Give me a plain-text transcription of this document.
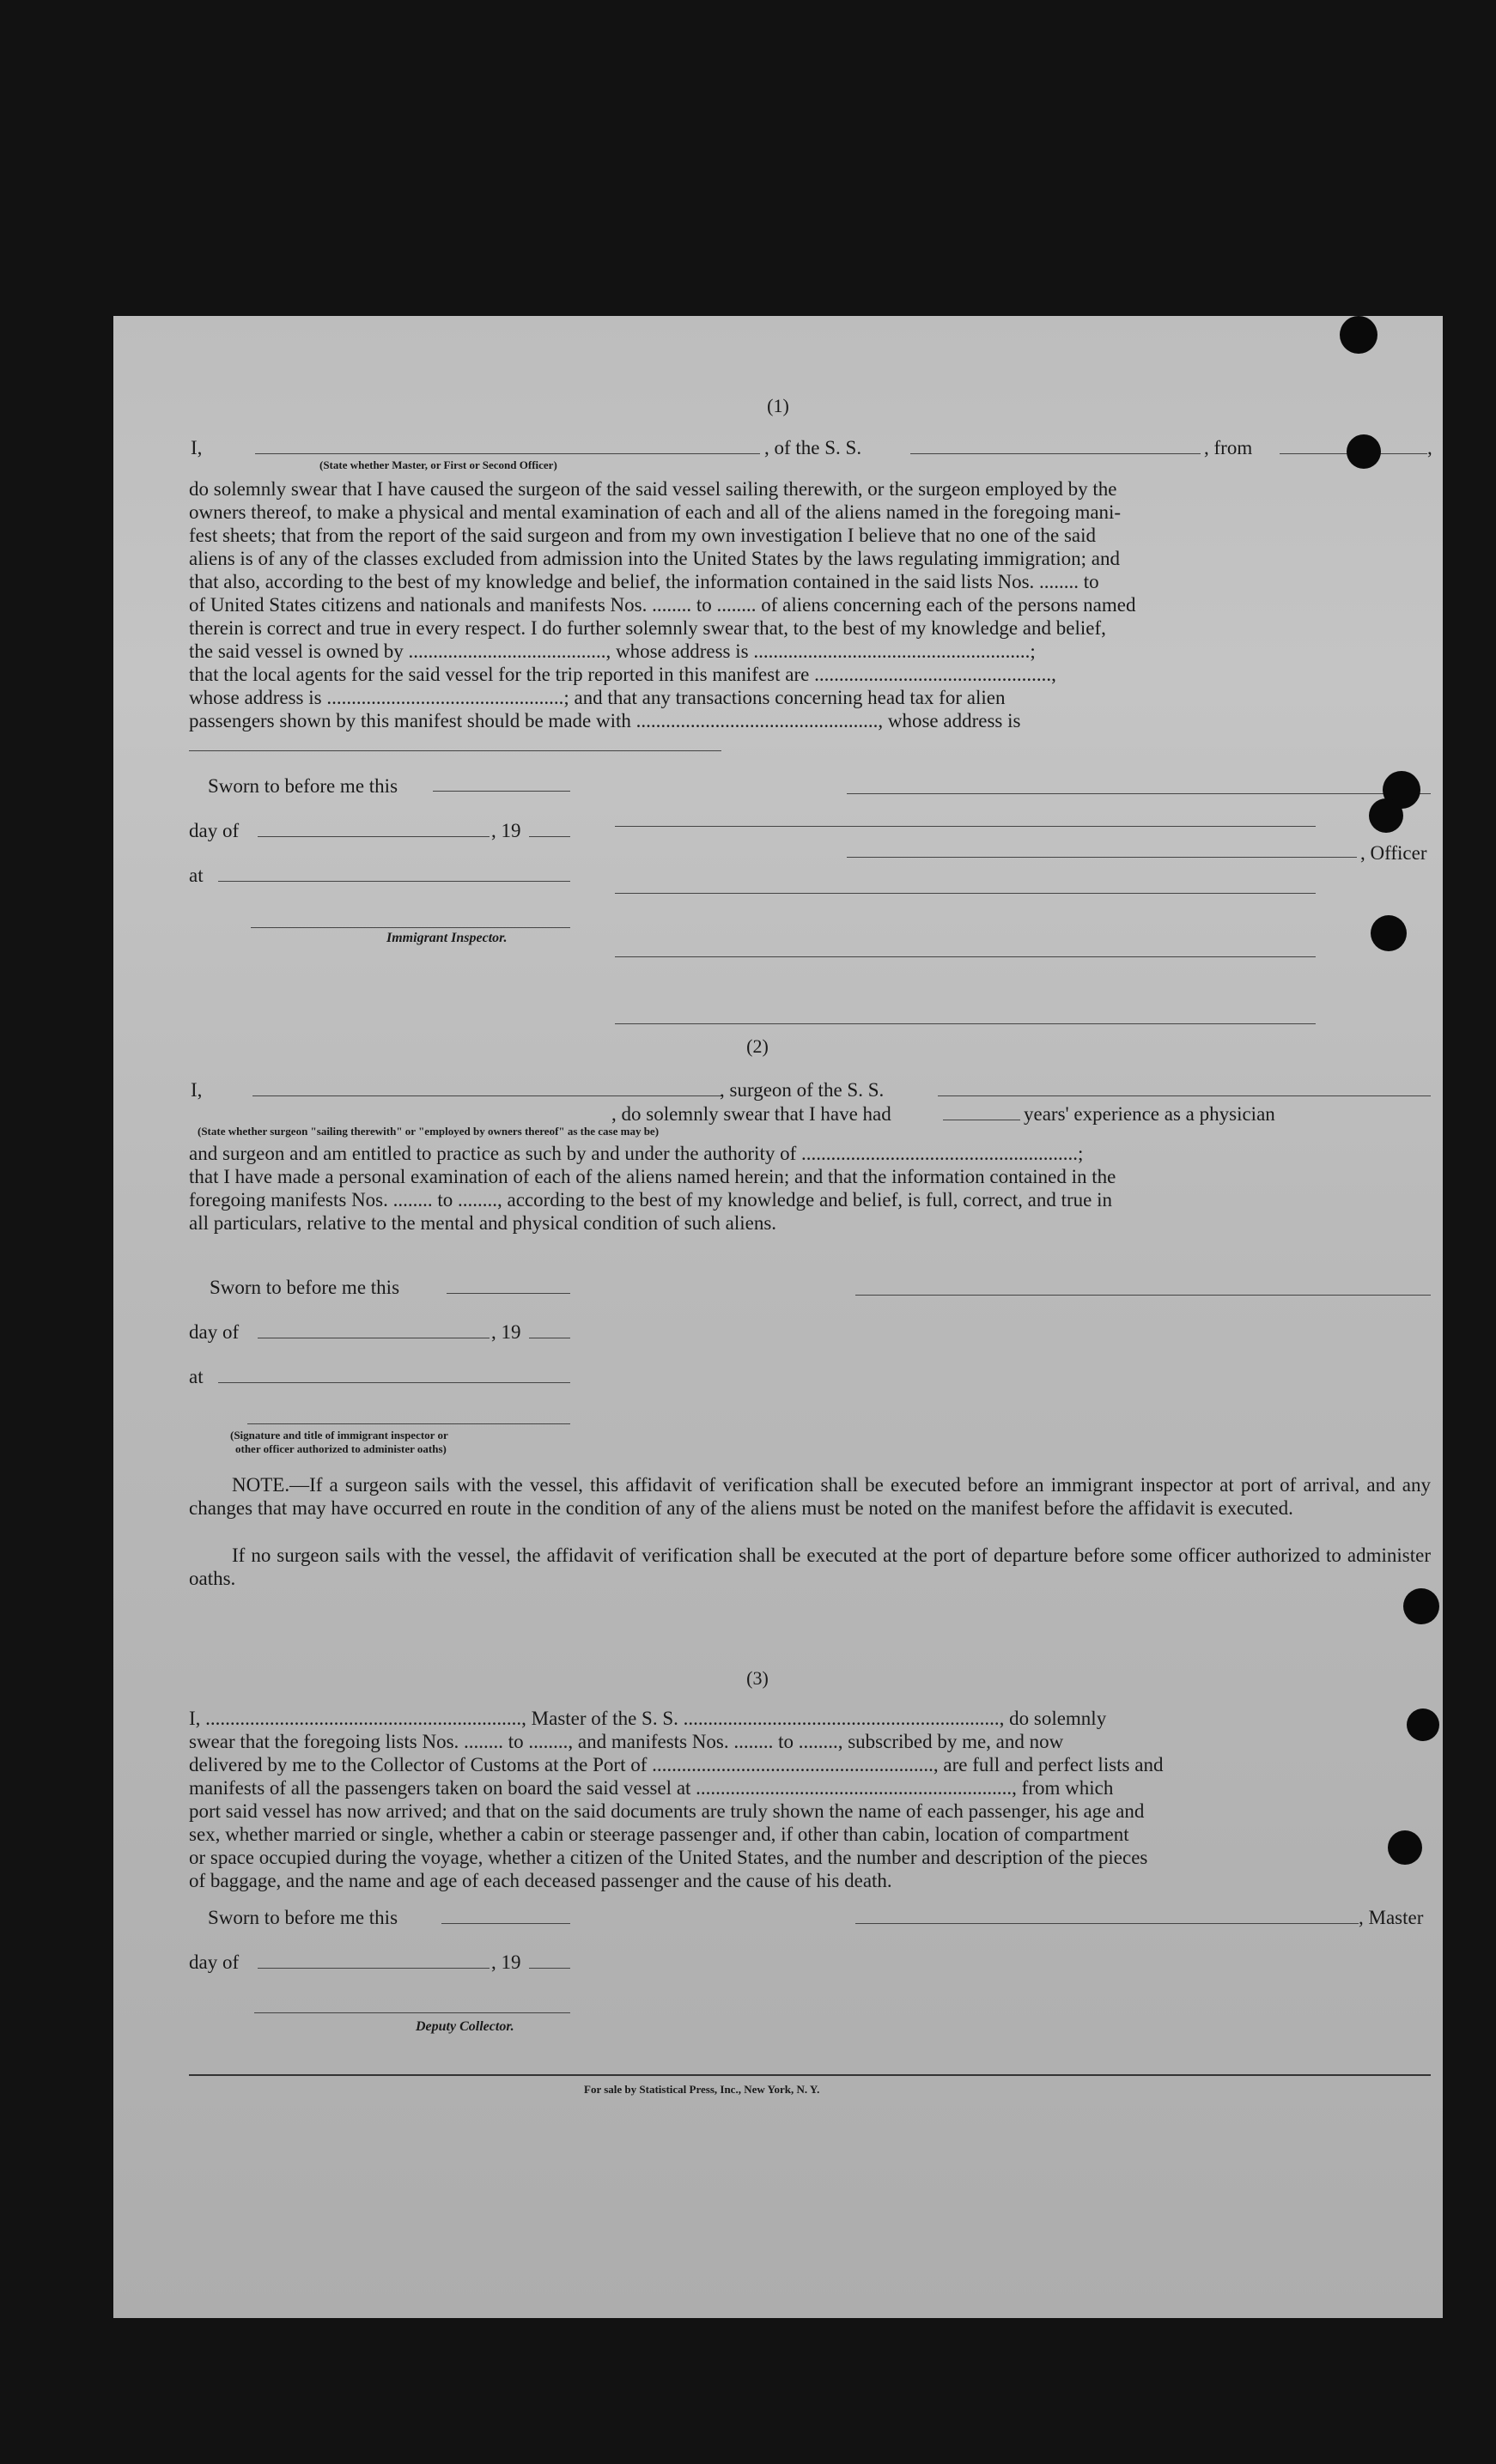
(1)
I,	, of the S. S.	, from	,
(State whether Master, or First or Second Officer)
do solemnly swear that I have caused the surgeon of the said vessel sailing therewith, or the surgeon employed by the
owners thereof, to make a physical and mental examination of each and all of the aliens named in the foregoing mani-
fest sheets; that from the report of the said surgeon and from my own investigation I believe that no one of the said
aliens is of any of the classes excluded from admission into the United States by the laws regulating immigration; and
that also, according to the best of my knowledge and belief, the information contained in the said lists Nos. ........ to
of United States citizens and nationals and manifests Nos. ........ to ........ of aliens concerning each of the persons named
therein is correct and true in every respect. I do further solemnly swear that, to the best of my knowledge and belief,
the said vessel is owned by ........................................, whose address is ........................................................;
that the local agents for the said vessel for the trip reported in this manifest are ................................................,
whose address is ................................................; and that any transactions concerning head tax for alien
passengers shown by this manifest should be made with ................................................., whose address is
Sworn to before me this
day of	, 19
, Officer
at
Immigrant Inspector.
(2)
I,	, surgeon of the S. S.
, do solemnly swear that I have had	years' experience as a physician
(State whether surgeon "sailing therewith" or "employed by owners thereof" as the case may be)
and surgeon and am entitled to practice as such by and under the authority of ........................................................;
that I have made a personal examination of each of the aliens named herein; and that the information contained in the
foregoing manifests Nos. ........ to ........, according to the best of my knowledge and belief, is full, correct, and true in
all particulars, relative to the mental and physical condition of such aliens.
Sworn to before me this
day of	, 19
at
(Signature and title of immigrant inspector or
other officer authorized to administer oaths)
NOTE.—If a surgeon sails with the vessel, this affidavit of verification shall be executed before an immigrant inspector at port of arrival, and any changes that may have occurred en route in the condition of any of the aliens must be noted on the manifest before the affidavit is executed.
If no surgeon sails with the vessel, the affidavit of verification shall be executed at the port of departure before some officer authorized to administer oaths.
(3)
I, ................................................................, Master of the S. S. ................................................................, do solemnly
swear that the foregoing lists Nos. ........ to ........, and manifests Nos. ........ to ........, subscribed by me, and now
delivered by me to the Collector of Customs at the Port of ........................................................., are full and perfect lists and
manifests of all the passengers taken on board the said vessel at ................................................................, from which
port said vessel has now arrived; and that on the said documents are truly shown the name of each passenger, his age and
sex, whether married or single, whether a cabin or steerage passenger and, if other than cabin, location of compartment
or space occupied during the voyage, whether a citizen of the United States, and the number and description of the pieces
of baggage, and the name and age of each deceased passenger and the cause of his death.
Sworn to before me this	, Master
day of	, 19
Deputy Collector.
For sale by Statistical Press, Inc., New York, N. Y.
